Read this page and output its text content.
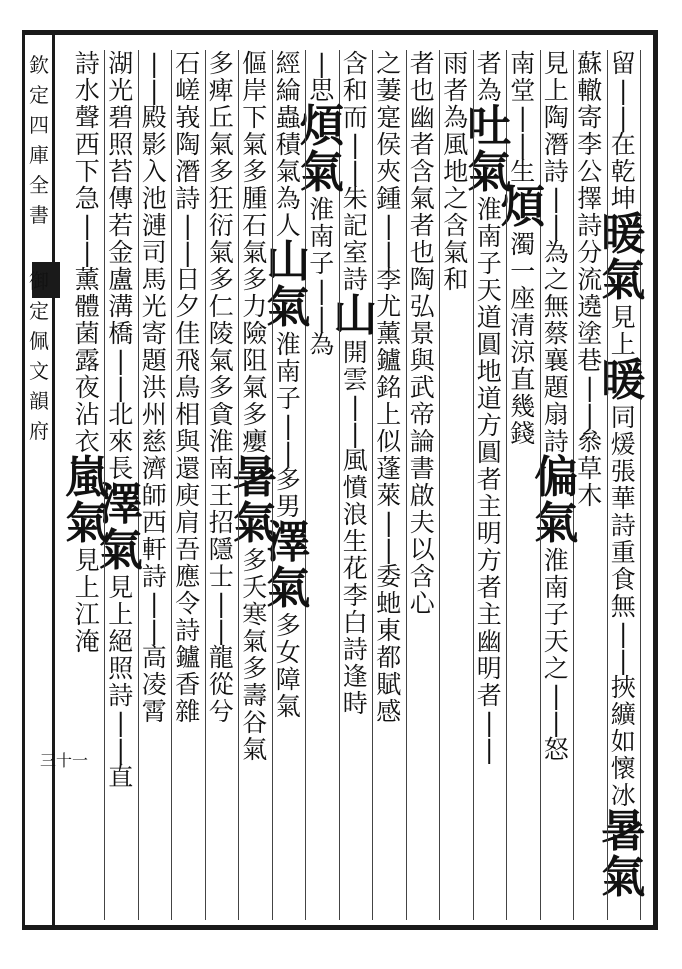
欽
定
四
庫
全
書
御
定
佩
文
韻
府
三十一
留
|
|
在
乾
坤
暖
氣
見
上
暖
同
煖
張
華
詩
重
食
無
|
|
挾
纊
如
懷
冰
暑
氣
蘇
轍
寄
李
公
擇
詩
分
流
遶
塗
巷
|
|
叅
草
木
見
上
陶
潛
詩
|
|
為
之
無
蔡
襄
題
扇
詩
偏
氣
淮
南
子
天
之
|
|
怒
南
堂
|
|
生
煩
濁
一
座
清
涼
直
幾
錢
者
為
吐
氣
淮
南
子
天
道
圓
地
道
方
圓
者
主
明
方
者
主
幽
明
者
|
|
雨
者
為
風
地
之
含
氣
和
者
也
幽
者
含
氣
者
也
陶
弘
景
與
武
帝
論
書
啟
夫
以
含
心
之
萋
寔
侯
夾
鍾
|
|
李
尤
薰
鑪
銘
上
似
蓬
萊
|
|
委
虵
東
都
賦
感
含
和
而
|
|
朱
記
室
詩
山
開
雲
|
|
風
憤
浪
生
花
李
白
詩
逢
時
|
思
煩
氣
淮
南
子
|
|
為
經
綸
蟲
積
氣
為
人
山
氣
淮
南
子
|
|
多
男
澤
氣
多
女
障
氣
傴
岸
下
氣
多
腫
石
氣
多
力
險
阻
氣
多
癭
暑
氣
多
夭
寒
氣
多
壽
谷
氣
多
痺
丘
氣
多
狂
衍
氣
多
仁
陵
氣
多
貪
淮
南
王
招
隱
士
|
|
龍
從
兮
石
嵯
峩
陶
潛
詩
|
|
日
夕
佳
飛
鳥
相
與
還
庾
肩
吾
應
令
詩
鑪
香
雜
|
|
殿
影
入
池
漣
司
馬
光
寄
題
洪
州
慈
濟
師
西
軒
詩
|
|
高
凌
霄
湖
光
碧
照
苔
傳
若
金
盧
溝
橋
|
|
北
來
長
澤
氣
見
上
絕
照
詩
|
|
直
詩
水
聲
西
下
急
|
|
薰
體
菌
露
夜
沾
衣
嵐
氣
見
上
江
淹
